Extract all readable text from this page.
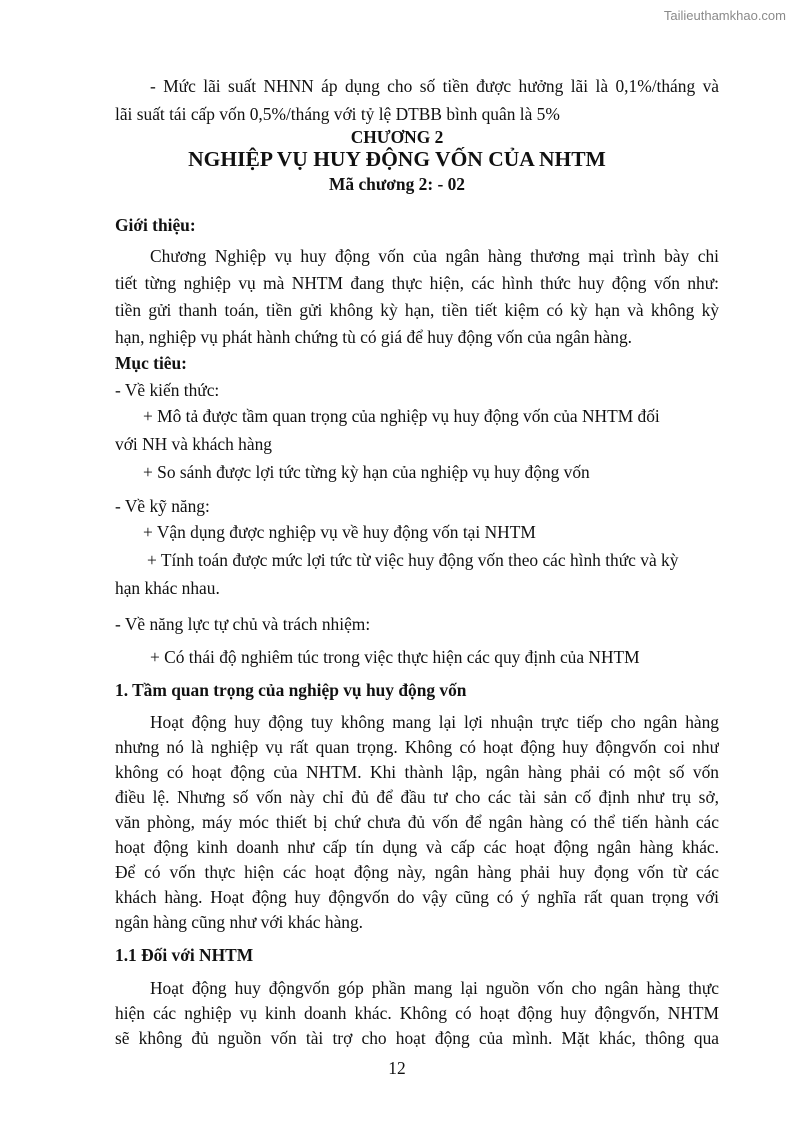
Tailieuthamkhao.com
- Mức lãi suất NHNN áp dụng cho số tiền được hưởng lãi là 0,1%/tháng và
lãi suất tái cấp vốn 0,5%/tháng với tỷ lệ DTBB bình quân là 5%
CHƯƠNG 2
NGHIỆP VỤ HUY ĐỘNG VỐN CỦA NHTM
Mã chương 2: - 02
Giới thiệu:
Chương Nghiệp vụ huy động vốn của ngân hàng thương mại trình bày chi
tiết từng nghiệp vụ mà NHTM đang thực hiện, các hình thức huy động vốn như:
tiền gửi thanh toán, tiền gửi không kỳ hạn, tiền tiết kiệm có kỳ hạn và không kỳ
hạn, nghiệp vụ phát hành chứng tù có giá để huy động vốn của ngân hàng.
Mục tiêu:
- Về kiến thức:
+ Mô tả được tầm quan trọng của nghiệp vụ huy động vốn của NHTM đối
với NH và khách hàng
+ So sánh được lợi tức từng kỳ hạn của nghiệp vụ huy động vốn
- Về kỹ năng:
+ Vận dụng được nghiệp vụ về huy động vốn tại NHTM
+ Tính toán được mức lợi tức từ việc huy động vốn theo các hình thức và kỳ
hạn khác nhau.
- Về năng lực tự chủ và trách nhiệm:
+ Có thái độ nghiêm túc trong việc thực hiện các quy định của NHTM
1. Tầm quan trọng của nghiệp vụ huy động vốn
Hoạt động huy động tuy không mang lại lợi nhuận trực tiếp cho ngân hàng
nhưng nó là nghiệp vụ rất quan trọng. Không có hoạt động huy độngvốn coi như
không có hoạt động của NHTM. Khi thành lập, ngân hàng phải có một số vốn
điều lệ. Nhưng số vốn này chỉ đủ để đầu tư cho các tài sản cố định như trụ sở,
văn phòng, máy móc thiết bị chứ chưa đủ vốn để ngân hàng có thể tiến hành các
hoạt động kinh doanh như cấp tín dụng và cấp các hoạt động ngân hàng khác.
Để có vốn thực hiện các hoạt động này, ngân hàng phải huy đọng vốn từ các
khách hàng. Hoạt động huy độngvốn do vậy cũng có ý nghĩa rất quan trọng với
ngân hàng cũng như với khác hàng.
1.1 Đối với NHTM
Hoạt động huy độngvốn góp phần mang lại nguồn vốn cho ngân hàng thực
hiện các nghiệp vụ kinh doanh khác. Không có hoạt động huy độngvốn, NHTM
sẽ không đủ nguồn vốn tài trợ cho hoạt động của mình. Mặt khác, thông qua
12
